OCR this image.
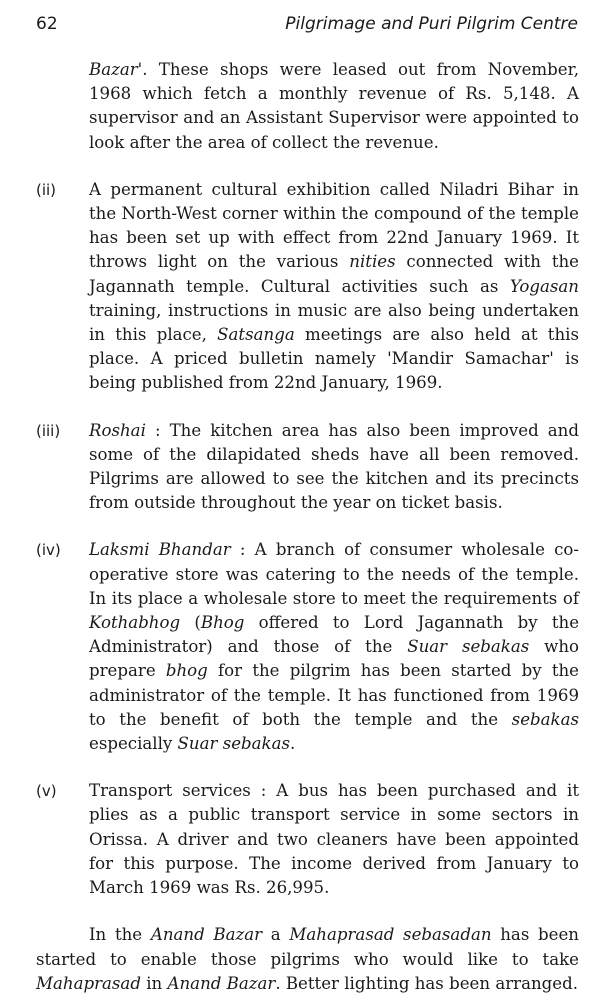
62	Pilgrimage and Puri Pilgrim Centre

Bazar'. These shops were leased out from November, 1968 which fetch a monthly revenue of Rs. 5,148. A supervisor and an Assistant Supervisor were appointed to look after the area of collect the revenue.

(ii) A permanent cultural exhibition called Niladri Bihar in the North-West corner within the compound of the temple has been set up with effect from 22nd January 1969. It throws light on the various nities connected with the Jagannath temple. Cultural activities such as Yogasan training, instructions in music are also being undertaken in this place, Satsanga meetings are also held at this place. A priced bulletin namely 'Mandir Samachar' is being published from 22nd January, 1969.
(iii) Roshai : The kitchen area has also been improved and some of the dilapidated sheds have all been removed. Pilgrims are allowed to see the kitchen and its precincts from outside throughout the year on ticket basis.
(iv) Laksmi Bhandar : A branch of consumer wholesale co-operative store was catering to the needs of the temple. In its place a wholesale store to meet the requirements of Kothabhog (Bhog offered to Lord Jagannath by the Administrator) and those of the Suar sebakas who prepare bhog for the pilgrim has been started by the administrator of the temple. It has functioned from 1969 to the benefit of both the temple and the sebakas especially Suar sebakas.
(v) Transport services : A bus has been purchased and it plies as a public transport service in some sectors in Orissa. A driver and two cleaners have been appointed for this purpose. The income derived from January to March 1969 was Rs. 26,995.

In the Anand Bazar a Mahaprasad sebasadan has been started to enable those pilgrims who would like to take Mahaprasad in Anand Bazar. Better lighting has been arranged.
